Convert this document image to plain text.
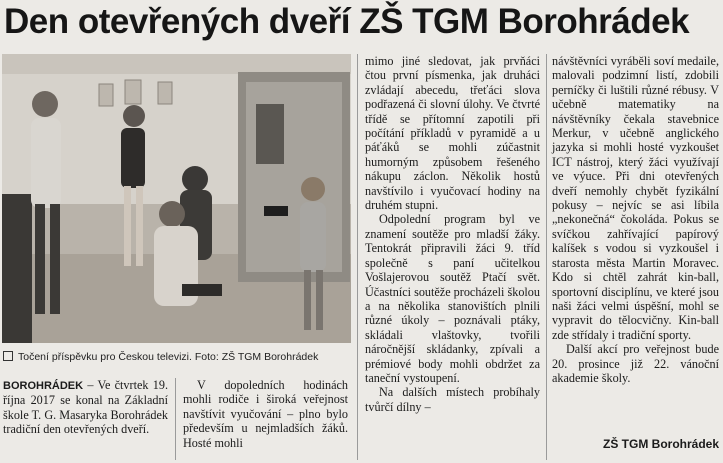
Den otevřených dveří ZŠ TGM Borohrádek
Točení příspěvku pro Českou televizi. Foto: ZŠ TGM Borohrádek

BOROHRÁDEK – Ve čtvrtek 19. října 2017 se konal na Základní škole T. G. Masaryka Borohrádek tradiční den otevřených dveří.

V dopoledních hodinách mohli rodiče i široká veřejnost navštívit vyučování – plno bylo především u nejmladších žáků. Hosté mohli

mimo jiné sledovat, jak prvňáci čtou první písmenka, jak druháci zvládají abecedu, třeťáci slova podřazená či slovní úlohy. Ve čtvrté třídě se přítomní zapotili při počítání příkladů v pyramidě a u páťáků se mohli zúčastnit humorným způsobem řešeného nákupu záclon. Několik hostů navštívilo i vyučovací hodiny na druhém stupni.

Odpolední program byl ve znamení soutěže pro mladší žáky. Tentokrát připravili žáci 9. tříd společně s paní učitelkou Vošlajerovou soutěž Ptačí svět. Účastníci soutěže procházeli školou a na několika stanovištích plnili různé úkoly – poznávali ptáky, skládali vlaštovky, tvořili náročnější skládanky, zpívali a prémiové body mohli obdržet za taneční vystoupení.

Na dalších místech probíhaly tvůrčí dílny –

návštěvníci vyráběli soví medaile, malovali podzimní listí, zdobili perníčky či luštili různé rébusy. V učebně matematiky na návštěvníky čekala stavebnice Merkur, v učebně anglického jazyka si mohli hosté vyzkoušet ICT nástroj, který žáci využívají ve výuce. Při dni otevřených dveří nemohly chybět fyzikální pokusy – nejvíc se asi líbila „nekonečná“ čokoláda. Pokus se svíčkou zahřívající papírový kalíšek s vodou si vyzkoušel i starosta města Martin Moravec. Kdo si chtěl zahrát kin-ball, sportovní disciplínu, ve které jsou naši žáci velmi úspěšní, mohl se vypravit do tělocvičny. Kin-ball zde střídaly i tradiční sporty.

Další akcí pro veřejnost bude 20. prosince již 22. vánoční akademie školy.

ZŠ TGM Borohrádek
